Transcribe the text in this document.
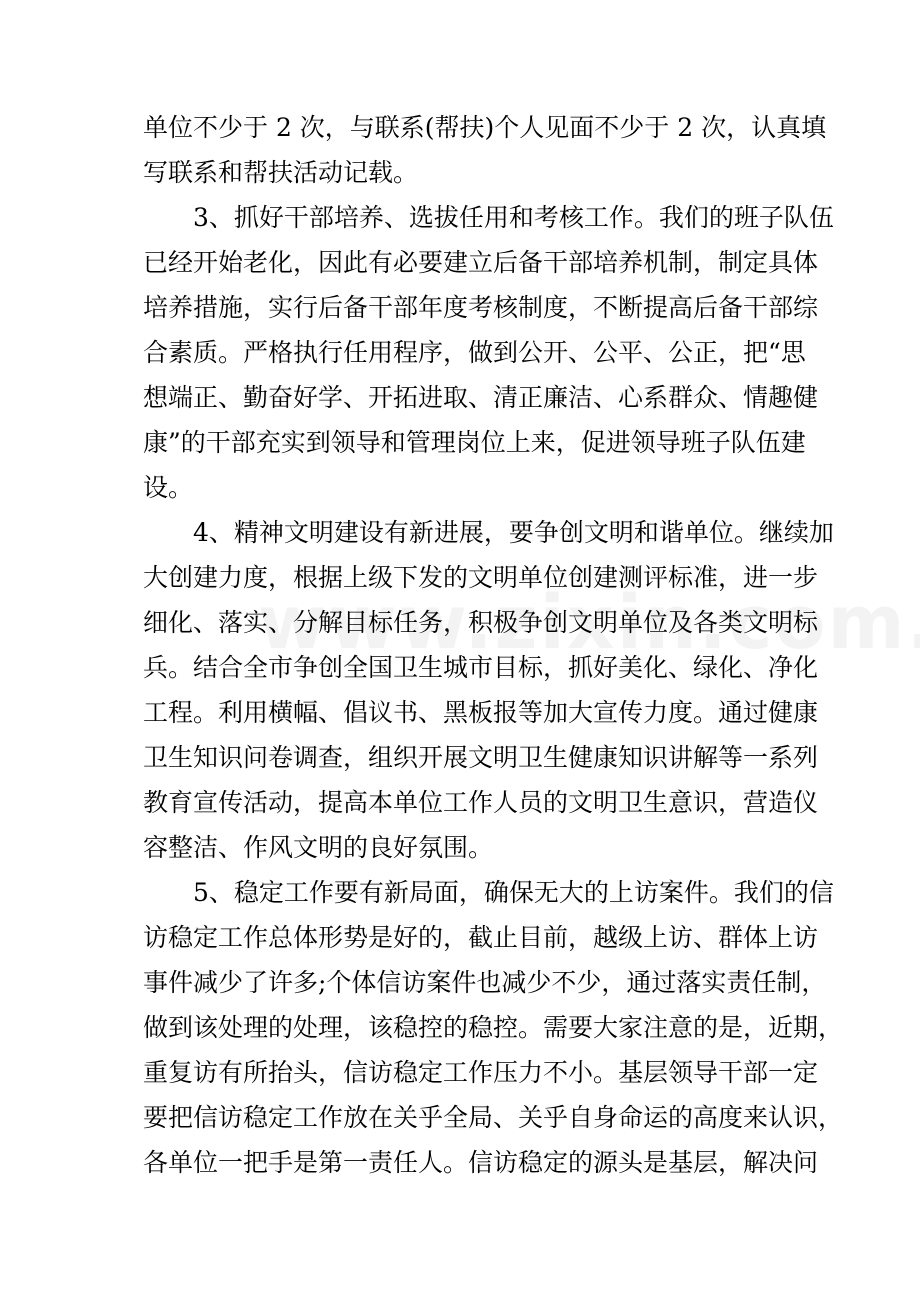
单位不少于 2 次，与联系(帮扶)个人见面不少于 2 次，认真填
写联系和帮扶活动记载。
3、抓好干部培养、选拔任用和考核工作。我们的班子队伍
已经开始老化，因此有必要建立后备干部培养机制，制定具体
培养措施，实行后备干部年度考核制度，不断提高后备干部综
合素质。严格执行任用程序，做到公开、公平、公正，把“思
想端正、勤奋好学、开拓进取、清正廉洁、心系群众、情趣健
康”的干部充实到领导和管理岗位上来，促进领导班子队伍建
设。
4、精神文明建设有新进展，要争创文明和谐单位。继续加
大创建力度，根据上级下发的文明单位创建测评标准，进一步
细化、落实、分解目标任务，积极争创文明单位及各类文明标
兵。结合全市争创全国卫生城市目标，抓好美化、绿化、净化
工程。利用横幅、倡议书、黑板报等加大宣传力度。通过健康
卫生知识问卷调查，组织开展文明卫生健康知识讲解等一系列
教育宣传活动，提高本单位工作人员的文明卫生意识，营造仪
容整洁、作风文明的良好氛围。
5、稳定工作要有新局面，确保无大的上访案件。我们的信
访稳定工作总体形势是好的，截止目前，越级上访、群体上访
事件减少了许多;个体信访案件也减少不少，通过落实责任制，
做到该处理的处理，该稳控的稳控。需要大家注意的是，近期，
重复访有所抬头，信访稳定工作压力不小。基层领导干部一定
要把信访稳定工作放在关乎全局、关乎自身命运的高度来认识，
各单位一把手是第一责任人。信访稳定的源头是基层，解决问
